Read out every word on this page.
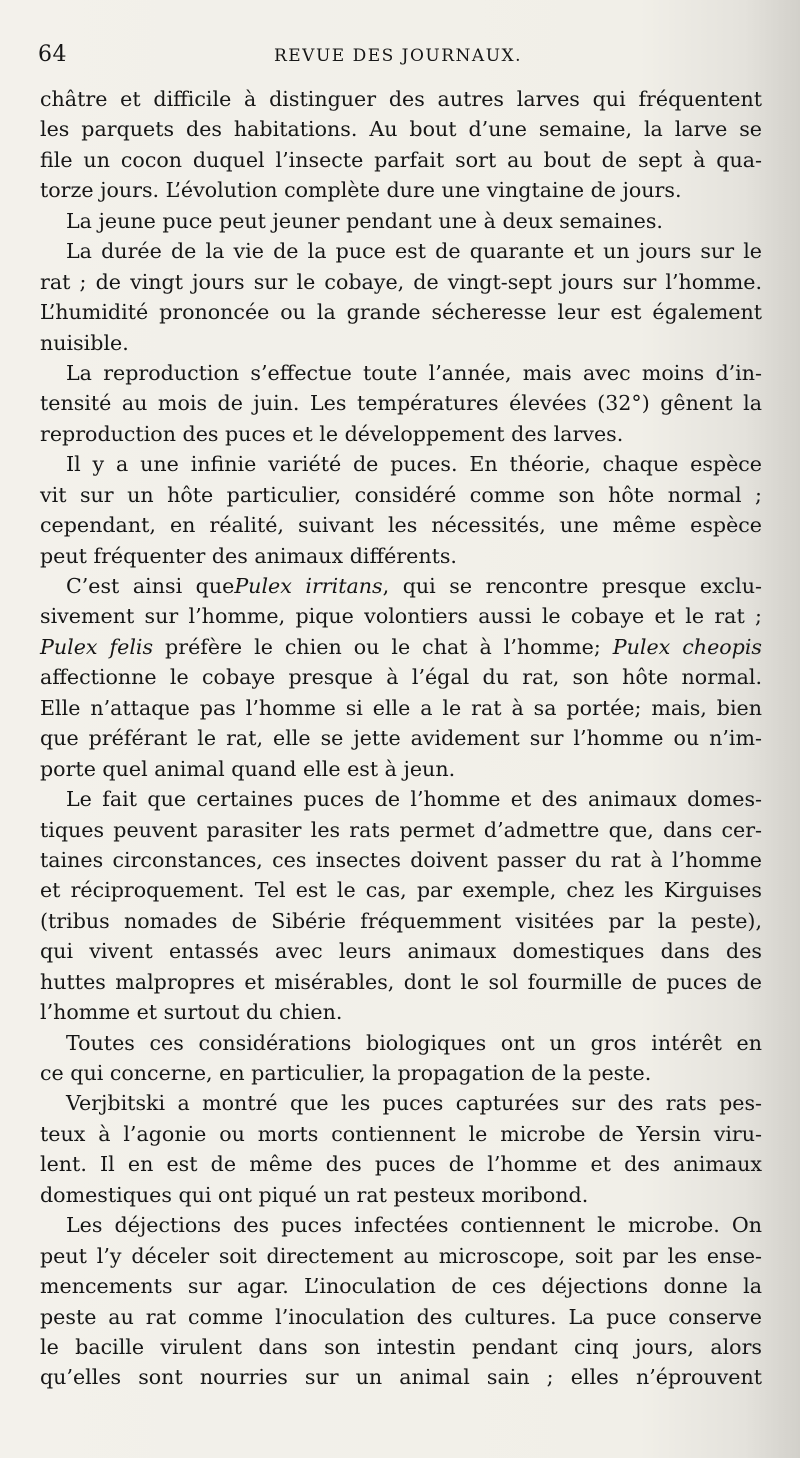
64	REVUE DES JOURNAUX.
châtre et difficile à distinguer des autres larves qui fréquentent
les parquets des habitations. Au bout d’une semaine, la larve se
file un cocon duquel l’insecte parfait sort au bout de sept à qua-
torze jours. L’évolution complète dure une vingtaine de jours.
La jeune puce peut jeuner pendant une à deux semaines.
La durée de la vie de la puce est de quarante et un jours sur le
rat ; de vingt jours sur le cobaye, de vingt-sept jours sur l’homme.
L’humidité prononcée ou la grande sécheresse leur est également
nuisible.
La reproduction s’effectue toute l’année, mais avec moins d’in-
tensité au mois de juin. Les températures élevées (32°) gênent la
reproduction des puces et le développement des larves.
Il y a une infinie variété de puces. En théorie, chaque espèce
vit sur un hôte particulier, considéré comme son hôte normal ;
cependant, en réalité, suivant les nécessités, une même espèce
peut fréquenter des animaux différents.
C’est ainsi quePulex irritans, qui se rencontre presque exclu-
sivement sur l’homme, pique volontiers aussi le cobaye et le rat ;
Pulex felis préfère le chien ou le chat à l’homme; Pulex cheopis
affectionne le cobaye presque à l’égal du rat, son hôte normal.
Elle n’attaque pas l’homme si elle a le rat à sa portée; mais, bien
que préférant le rat, elle se jette avidement sur l’homme ou n’im-
porte quel animal quand elle est à jeun.
Le fait que certaines puces de l’homme et des animaux domes-
tiques peuvent parasiter les rats permet d’admettre que, dans cer-
taines circonstances, ces insectes doivent passer du rat à l’homme
et réciproquement. Tel est le cas, par exemple, chez les Kirguises
(tribus nomades de Sibérie fréquemment visitées par la peste),
qui vivent entassés avec leurs animaux domestiques dans des
huttes malpropres et misérables, dont le sol fourmille de puces de
l’homme et surtout du chien.
Toutes ces considérations biologiques ont un gros intérêt en
ce qui concerne, en particulier, la propagation de la peste.
Verjbitski a montré que les puces capturées sur des rats pes-
teux à l’agonie ou morts contiennent le microbe de Yersin viru-
lent. Il en est de même des puces de l’homme et des animaux
domestiques qui ont piqué un rat pesteux moribond.
Les déjections des puces infectées contiennent le microbe. On
peut l’y déceler soit directement au microscope, soit par les ense-
mencements sur agar. L’inoculation de ces déjections donne la
peste au rat comme l’inoculation des cultures. La puce conserve
le bacille virulent dans son intestin pendant cinq jours, alors
qu’elles sont nourries sur un animal sain ; elles n’éprouvent
